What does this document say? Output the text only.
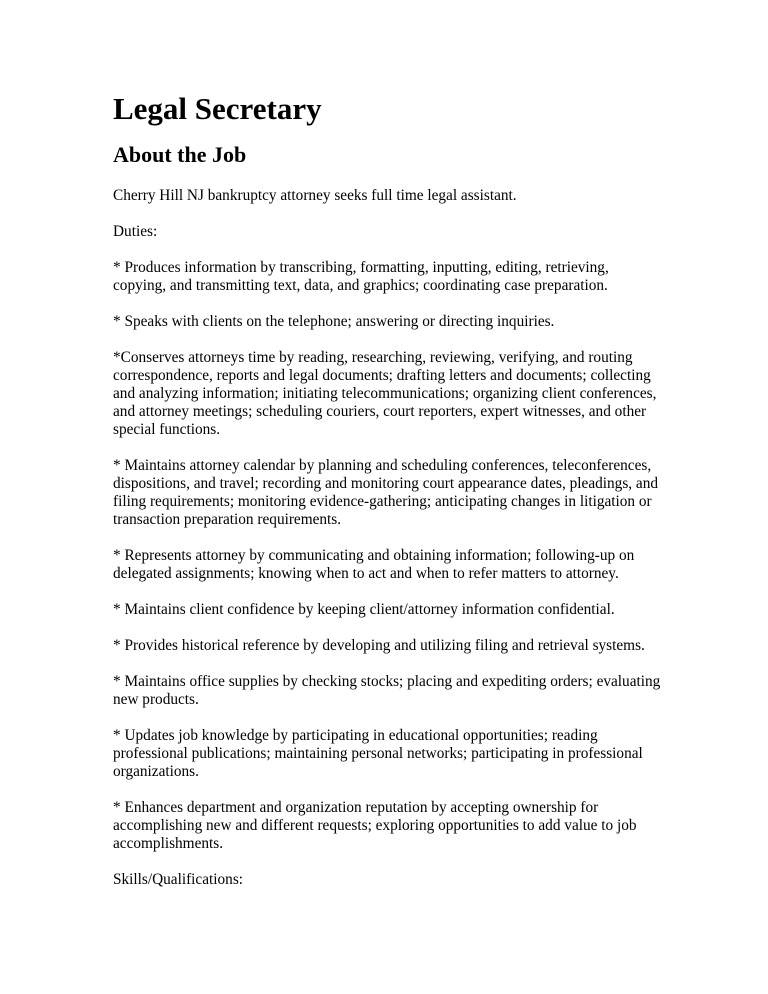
Legal Secretary
About the Job

Cherry Hill NJ bankruptcy attorney seeks full time legal assistant.

Duties:

* Produces information by transcribing, formatting, inputting, editing, retrieving,
copying, and transmitting text, data, and graphics; coordinating case preparation.

* Speaks with clients on the telephone; answering or directing inquiries.

*Conserves attorneys time by reading, researching, reviewing, verifying, and routing
correspondence, reports and legal documents; drafting letters and documents; collecting
and analyzing information; initiating telecommunications; organizing client conferences,
and attorney meetings; scheduling couriers, court reporters, expert witnesses, and other
special functions.

* Maintains attorney calendar by planning and scheduling conferences, teleconferences,
dispositions, and travel; recording and monitoring court appearance dates, pleadings, and
filing requirements; monitoring evidence-gathering; anticipating changes in litigation or
transaction preparation requirements.

* Represents attorney by communicating and obtaining information; following-up on
delegated assignments; knowing when to act and when to refer matters to attorney.

* Maintains client confidence by keeping client/attorney information confidential.

* Provides historical reference by developing and utilizing filing and retrieval systems.

* Maintains office supplies by checking stocks; placing and expediting orders; evaluating
new products.

* Updates job knowledge by participating in educational opportunities; reading
professional publications; maintaining personal networks; participating in professional
organizations.

* Enhances department and organization reputation by accepting ownership for
accomplishing new and different requests; exploring opportunities to add value to job
accomplishments.

Skills/Qualifications:
